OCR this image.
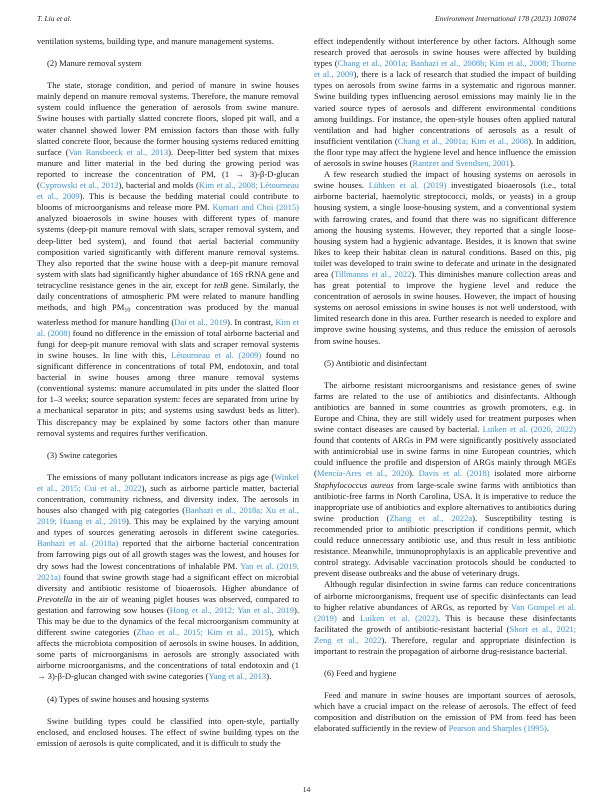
T. Liu et al.	Environment International 178 (2023) 108074
ventilation systems, building type, and manure management systems.
(2) Manure removal system
The state, storage condition, and period of manure in swine houses mainly depend on manure removal systems. Therefore, the manure removal system could influence the generation of aerosols from swine manure. Swine houses with partially slatted concrete floors, sloped pit wall, and a water channel showed lower PM emission factors than those with fully slatted concrete floor, because the former housing systems reduced emitting surface (Van Ransbeeck et al., 2013). Deep-litter bed system that mixes manure and litter material in the bed during the growing period was reported to increase the concentration of PM, (1 → 3)-β-D-glucan (Cyprowski et al., 2012), bacterial and molds (Kim et al., 2008; Létourneau et al., 2009). This is because the bedding material could contribute to blooms of microorganisms and release more PM. Kumari and Choi (2015) analyzed bioaerosols in swine houses with different types of manure systems (deep-pit manure removal with slats, scraper removal system, and deep-litter bed system), and found that aerial bacterial community composition varied significantly with different manure removal systems. They also reported that the swine house with a deep-pit manure removal system with slats had significantly higher abundance of 16S rRNA gene and tetracycline resistance genes in the air, except for tetB gene. Similarly, the daily concentrations of atmospheric PM were related to manure handling methods, and high $PM_{10}$ concentration was produced by the manual waterless method for manure handling (Dai et al., 2019). In contrast, Kim et al. (2008) found no difference in the emission of total airborne bacterial and fungi for deep-pit manure removal with slats and scraper removal systems in swine houses. In line with this, Létourneau et al. (2009) found no significant difference in concentrations of total PM, endotoxin, and total bacterial in swine houses among three manure removal systems (conventional systems: manure accumulated in pits under the slatted floor for 1–3 weeks; source separation system: feces are separated from urine by a mechanical separator in pits; and systems using sawdust beds as litter). This discrepancy may be explained by some factors other than manure removal systems and requires further verification.
(3) Swine categories
The emissions of many pollutant indicators increase as pigs age (Winkel et al., 2015; Cui et al., 2022), such as airborne particle matter, bacterial concentration, community richness, and diversity index. The aerosols in houses also changed with pig categories (Banhazi et al., 2018a; Xu et al., 2019; Huang et al., 2019). This may be explained by the varying amount and types of sources generating aerosols in different swine categories. Banhazi et al. (2018a) reported that the airborne bacterial concentration from farrowing pigs out of all growth stages was the lowest, and houses for dry sows had the lowest concentrations of inhalable PM. Yan et al. (2019, 2021a) found that swine growth stage had a significant effect on microbial diversity and antibiotic resistome of bioaerosols. Higher abundance of Prevotella in the air of weaning piglet houses was observed, compared to gestation and farrowing sow houses (Hong et al., 2012; Yan et al., 2019). This may be due to the dynamics of the fecal microorganism community at different swine categories (Zhao et al., 2015; Kim et al., 2015), which affects the microbiota composition of aerosols in swine houses. In addition, some parts of microorganisms in aerosols are strongly associated with airborne microorganisms, and the concentrations of total endotoxin and (1 → 3)-β-D-glucan changed with swine categories (Yang et al., 2013).
(4) Types of swine houses and housing systems
Swine building types could be classified into open-style, partially enclosed, and enclosed houses. The effect of swine building types on the emission of aerosols is quite complicated, and it is difficult to study the
effect independently without interference by other factors. Although some research proved that aerosols in swine houses were affected by building types (Chang et al., 2001a; Banhazi et al., 2008b; Kim et al., 2008; Thorne et al., 2009), there is a lack of research that studied the impact of building types on aerosols from swine farms in a systematic and rigorous manner. Swine building types influencing aerosol emissions may mainly lie in the varied source types of aerosols and different environmental conditions among buildings. For instance, the open-style houses often applied natural ventilation and had higher concentrations of aerosols as a result of insufficient ventilation (Chang et al., 2001a; Kim et al., 2008). In addition, the floor type may affect the hygiene level and hence influence the emission of aerosols in swine houses (Rantzer and Svendsen, 2001).
A few research studied the impact of housing systems on aerosols in swine houses. Lühken et al. (2019) investigated bioaerosols (i.e., total airborne bacterial, haemolytic streptococci, molds, or yeasts) in a group housing system, a single loose-housing system, and a conventional system with farrowing crates, and found that there was no significant difference among the housing systems. However, they reported that a single loose-housing system had a hygienic advantage. Besides, it is known that swine likes to keep their habitat clean in natural conditions. Based on this, pig toilet was developed to train swine to defecate and urinate in the designated area (Tillmanns et al., 2022). This diminishes manure collection areas and has great potential to improve the hygiene level and reduce the concentration of aerosols in swine houses. However, the impact of housing systems on aerosol emissions in swine houses is not well understood, with limited research done in this area. Further research is needed to explore and improve swine housing systems, and thus reduce the emission of aerosols from swine houses.
(5) Antibiotic and disinfectant
The airborne resistant microorganisms and resistance genes of swine farms are related to the use of antibiotics and disinfectants. Although antibiotics are banned in some countries as growth promoters, e.g. in Europe and China, they are still widely used for treatment purposes when swine contact diseases are caused by bacterial. Luiken et al. (2020, 2022) found that contents of ARGs in PM were significantly positively associated with antimicrobial use in swine farms in nine European countries, which could influence the profile and dispersion of ARGs mainly through MGEs (Mencía-Ares et al., 2020). Davis et al. (2018) isolated more airborne Staphylococcus aureus from large-scale swine farms with antibiotics than antibiotic-free farms in North Carolina, USA. It is imperative to reduce the inappropriate use of antibiotics and explore alternatives to antibiotics during swine production (Zhang et al., 2022a). Susceptibility testing is recommended prior to antibiotic prescription if conditions permit, which could reduce unnecessary antibiotic use, and thus result in less antibiotic resistance. Meanwhile, immunoprophylaxis is an applicable preventive and control strategy. Advisable vaccination protocols should be conducted to prevent disease outbreaks and the abuse of veterinary drugs.
Although regular disinfection in swine farms can reduce concentrations of airborne microorganisms, frequent use of specific disinfectants can lead to higher relative abundances of ARGs, as reported by Van Gompel et al. (2019) and Luiken et al. (2022). This is because these disinfectants facilitated the growth of antibiotic-resistant bacterial (Short et al., 2021; Zeng et al., 2022). Therefore, regular and appropriate disinfection is important to restrain the propagation of airborne drug-resistance bacterial.
(6) Feed and hygiene
Feed and manure in swine houses are important sources of aerosols, which have a crucial impact on the release of aerosols. The effect of feed composition and distribution on the emission of PM from feed has been elaborated sufficiently in the review of Pearson and Sharples (1995).
14
